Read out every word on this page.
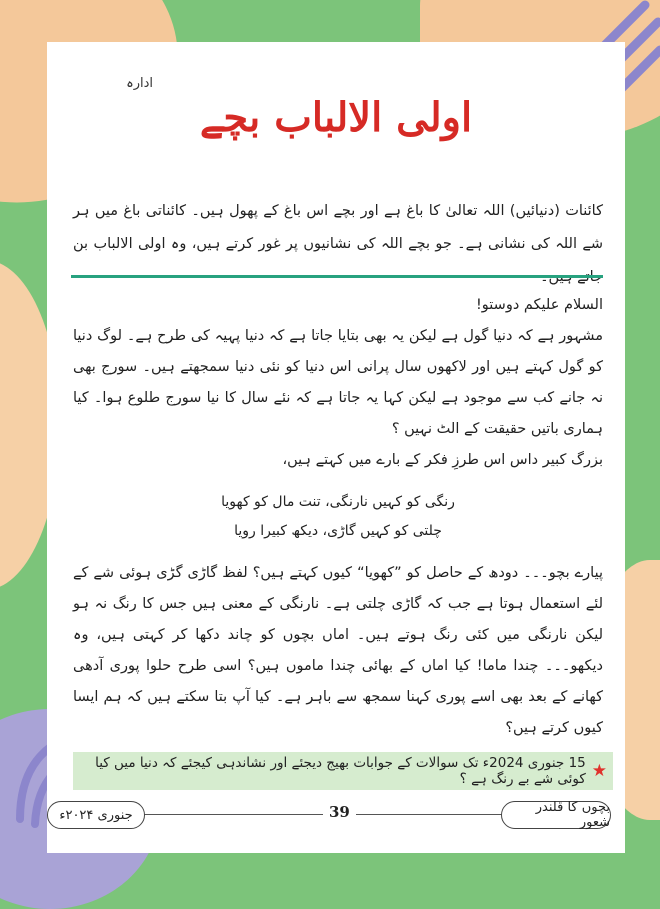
ادارہ
اولی الالباب بچے
کائنات (دنیائیں) اللہ تعالیٰ کا باغ ہے اور بچے اس باغ کے پھول ہیں۔ کائناتی باغ میں ہر شے اللہ کی نشانی ہے۔ جو بچے اللہ کی نشانیوں پر غور کرتے ہیں، وہ اولی الالباب بن

السلام علیکم دوستو!

مشہور ہے کہ دنیا گول ہے لیکن یہ بھی بتایا جاتا ہے کہ دنیا پہیہ کی طرح ہے۔ لوگ دنیا کو گول کہتے ہیں اور لاکھوں سال پرانی اس دنیا کو نئی دنیا سمجھتے ہیں۔ سورج بھی نہ جانے کب سے موجود ہے لیکن کہا یہ جاتا ہے کہ نئے سال کا نیا سورج طلوع ہوا۔ کیا ہماری باتیں حقیقت کے الٹ نہیں ؟

بزرگ کبیر داس اس طرزِ فکر کے بارے میں کہتے ہیں،

رنگی کو کہیں نارنگی، تنت مال کو کھویا
چلتی کو کہیں گاڑی، دیکھ کبیرا رویا

پیارے بچو۔۔۔ دودھ کے حاصل کو ”کھویا“ کیوں کہتے ہیں؟ لفظ گاڑی گڑی ہوئی شے کے لئے استعمال ہوتا ہے جب کہ گاڑی چلتی ہے۔ نارنگی کے معنی ہیں جس کا رنگ نہ ہو لیکن نارنگی میں کئی رنگ ہوتے ہیں۔ اماں بچوں کو چاند دکھا کر کہتی ہیں، وہ دیکھو۔۔۔ چندا ماما! کیا اماں کے بھائی چندا ماموں ہیں؟ اسی طرح حلوا پوری آدھی کھانے کے بعد بھی اسے پوری کہنا سمجھ سے باہر ہے۔ کیا آپ بتا سکتے ہیں کہ ہم ایسا کیوں کرتے ہیں؟

★
15 جنوری 2024ء تک سوالات کے جوابات بھیج دیجئے اور نشاندہی کیجئے کہ دنیا میں کیا کوئی شے بے رنگ ہے ؟
بچوں کا قلندر شعور
39
جنوری ۲۰۲۴ء
